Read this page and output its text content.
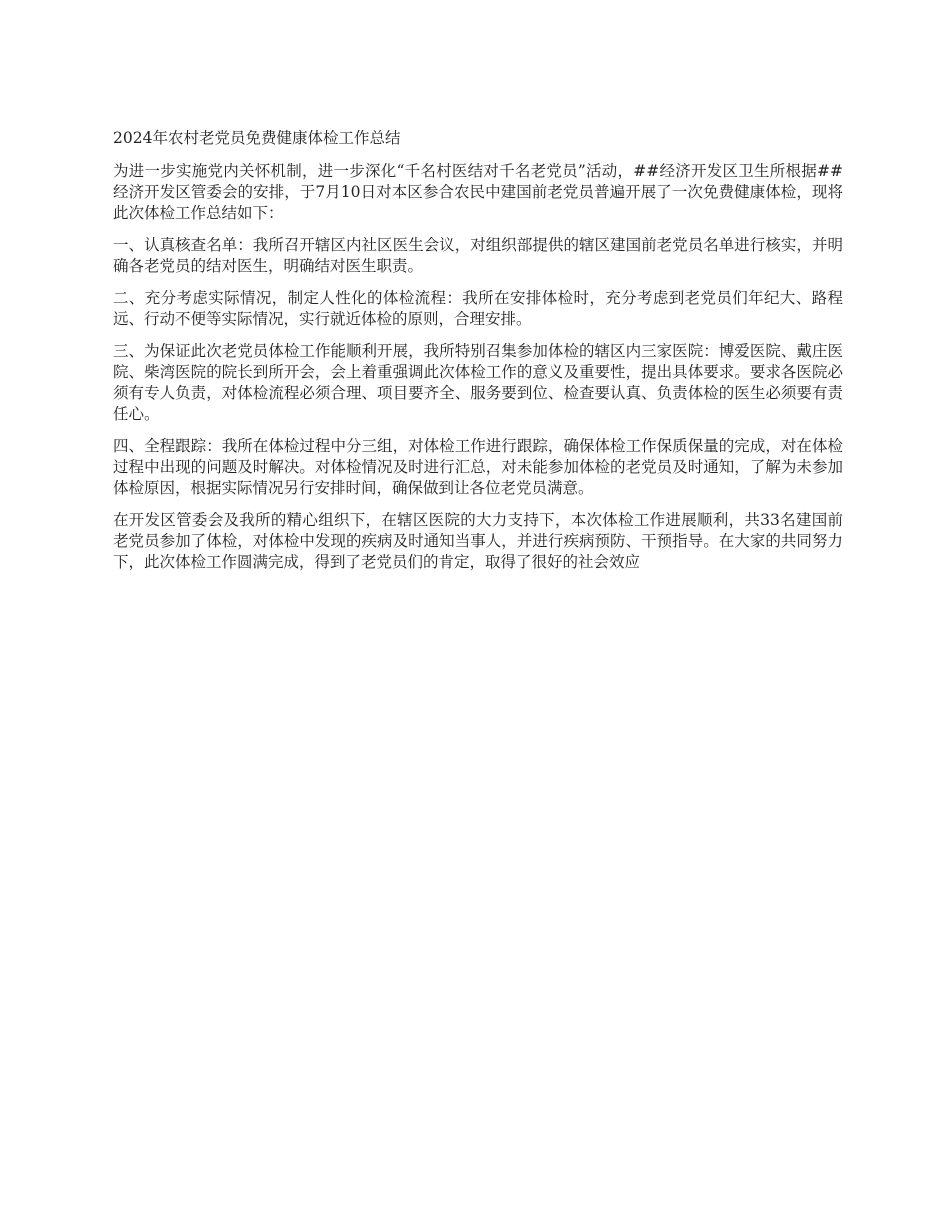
2024年农村老党员免费健康体检工作总结

为进一步实施党内关怀机制，进一步深化“千名村医结对千名老党员”活动，##经济开发区卫生所根据##经济开发区管委会的安排，于7月10日对本区参合农民中建国前老党员普遍开展了一次免费健康体检，现将此次体检工作总结如下：

一、认真核查名单：我所召开辖区内社区医生会议，对组织部提供的辖区建国前老党员名单进行核实，并明确各老党员的结对医生，明确结对医生职责。

二、充分考虑实际情况，制定人性化的体检流程：我所在安排体检时，充分考虑到老党员们年纪大、路程远、行动不便等实际情况，实行就近体检的原则，合理安排。

三、为保证此次老党员体检工作能顺利开展，我所特别召集参加体检的辖区内三家医院：博爱医院、戴庄医院、柴湾医院的院长到所开会，会上着重强调此次体检工作的意义及重要性，提出具体要求。要求各医院必须有专人负责，对体检流程必须合理、项目要齐全、服务要到位、检查要认真、负责体检的医生必须要有责任心。

四、全程跟踪：我所在体检过程中分三组，对体检工作进行跟踪，确保体检工作保质保量的完成，对在体检过程中出现的问题及时解决。对体检情况及时进行汇总，对未能参加体检的老党员及时通知，了解为未参加体检原因，根据实际情况另行安排时间，确保做到让各位老党员满意。

在开发区管委会及我所的精心组织下，在辖区医院的大力支持下，本次体检工作进展顺利，共33名建国前老党员参加了体检，对体检中发现的疾病及时通知当事人，并进行疾病预防、干预指导。在大家的共同努力下，此次体检工作圆满完成，得到了老党员们的肯定，取得了很好的社会效应
